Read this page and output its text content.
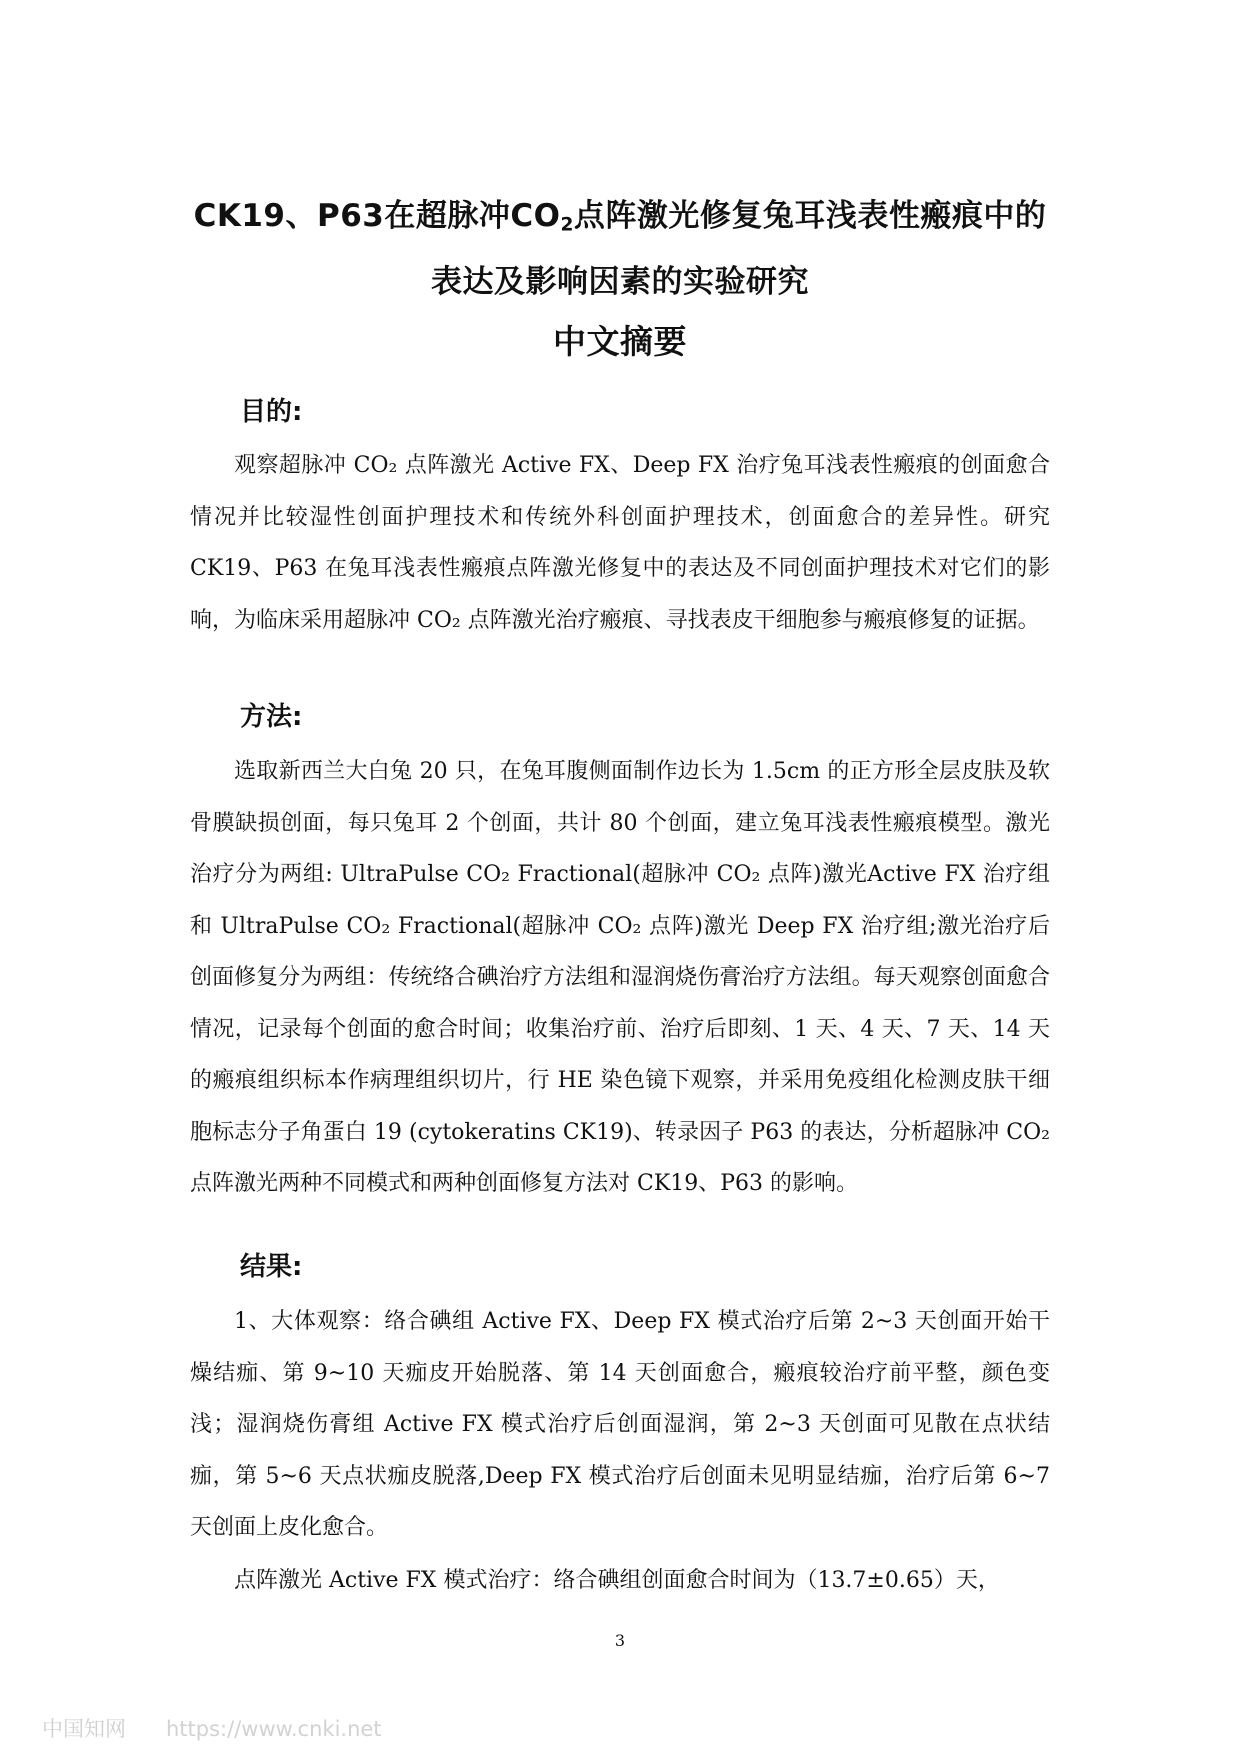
CK19、P63在超脉冲$CO_2$点阵激光修复兔耳浅表性瘢痕中的
表达及影响因素的实验研究
中文摘要
目的:

观察超脉冲 CO₂ 点阵激光 Active FX、Deep FX 治疗兔耳浅表性瘢痕的创面愈合情况并比较湿性创面护理技术和传统外科创面护理技术，创面愈合的差异性。研究 CK19、P63 在兔耳浅表性瘢痕点阵激光修复中的表达及不同创面护理技术对它们的影响，为临床采用超脉冲 CO₂ 点阵激光治疗瘢痕、寻找表皮干细胞参与瘢痕修复的证据。

方法:

选取新西兰大白兔 20 只，在兔耳腹侧面制作边长为 1.5cm 的正方形全层皮肤及软骨膜缺损创面，每只兔耳 2 个创面，共计 80 个创面，建立兔耳浅表性瘢痕模型。激光治疗分为两组: UltraPulse CO₂ Fractional(超脉冲 CO₂ 点阵)激光Active FX 治疗组和 UltraPulse CO₂ Fractional(超脉冲 CO₂ 点阵)激光 Deep FX 治疗组;激光治疗后创面修复分为两组：传统络合碘治疗方法组和湿润烧伤膏治疗方法组。每天观察创面愈合情况，记录每个创面的愈合时间；收集治疗前、治疗后即刻、1 天、4 天、7 天、14 天的瘢痕组织标本作病理组织切片，行 HE 染色镜下观察，并采用免疫组化检测皮肤干细胞标志分子角蛋白 19 (cytokeratins CK19)、转录因子 P63 的表达，分析超脉冲 CO₂ 点阵激光两种不同模式和两种创面修复方法对 CK19、P63 的影响。

结果:

1、大体观察：络合碘组 Active FX、Deep FX 模式治疗后第 2~3 天创面开始干燥结痂、第 9~10 天痂皮开始脱落、第 14 天创面愈合，瘢痕较治疗前平整，颜色变浅；湿润烧伤膏组 Active FX 模式治疗后创面湿润，第 2~3 天创面可见散在点状结痂，第 5~6 天点状痂皮脱落,Deep FX 模式治疗后创面未见明显结痂，治疗后第 6~7 天创面上皮化愈合。

点阵激光 Active FX 模式治疗：络合碘组创面愈合时间为（13.7±0.65）天，

3
中国知网 https://www.cnki.net
